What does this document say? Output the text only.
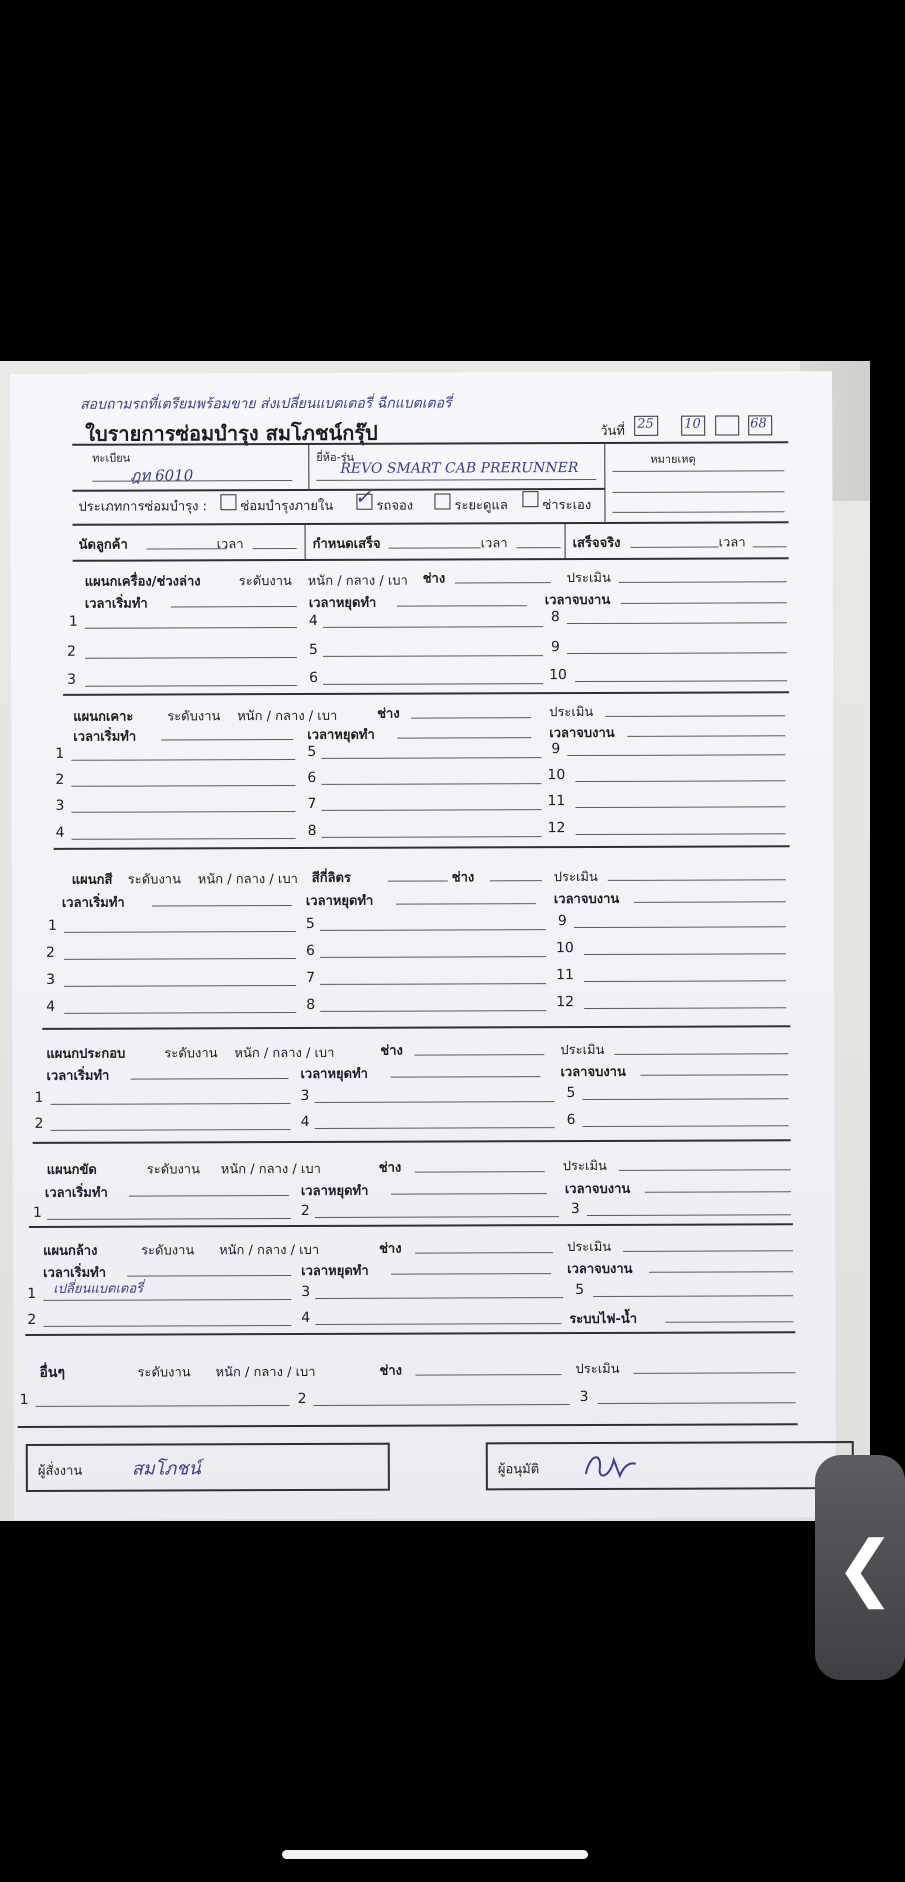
สอบถามรถที่เตรียมพร้อมขาย ส่งเปลี่ยนแบตเตอรี่ ฉีกแบตเตอรี่
ใบรายการซ่อมบำรุง สมโภชน์กรุ๊ป	วันที่ 25 10	68
ทะเบียน
ฎท 6010
ยี่ห้อ-รุ่น
REVO SMART CAB PRERUNNER
หมายเหตุ
ประเภทการซ่อมบำรุง :	ซ่อมบำรุงภายใน ✓ รถจอง	ระยะดูแล	ซ่าระเอง
นัดลูกค้า	เวลา	กำหนดเสร็จ	เวลา	เสร็จจริง	เวลา
แผนกเครื่อง/ช่วงล่าง	ระดับงาน หนัก / กลาง / เบา ช่าง	ประเมิน
เวลาเริ่มทำ	เวลาหยุดทำ	เวลาจบงาน
1	4	8
2	5	9
3	6	10
แผนกเคาะ	ระดับงาน หนัก / กลาง / เบา	ช่าง	ประเมิน
เวลาเริ่มทำ	เวลาหยุดทำ	เวลาจบงาน
1	5	9
2	6	10
3	7	11
4	8	12
แผนกสี ระดับงาน หนัก / กลาง / เบา สีกี่ลิตร	ช่าง	ประเมิน
เวลาเริ่มทำ	เวลาหยุดทำ	เวลาจบงาน
1	5	9
2	6	10
3	7	11
4	8	12
แผนกประกอบ	ระดับงาน หนัก / กลาง / เบา	ช่าง	ประเมิน
เวลาเริ่มทำ	เวลาหยุดทำ	เวลาจบงาน
1	3	5
2	4	6
แผนกขัด	ระดับงาน หนัก / กลาง / เบา	ช่าง	ประเมิน
เวลาเริ่มทำ	เวลาหยุดทำ	เวลาจบงาน
1	2	3
แผนกล้าง	ระดับงาน หนัก / กลาง / เบา	ช่าง	ประเมิน
เวลาเริ่มทำ	เวลาหยุดทำ	เวลาจบงาน
1 เปลี่ยนแบตเตอรี่	3	5
2	4	ระบบไฟ-น้ำ
อื่นๆ	ระดับงาน หนัก / กลาง / เบา	ช่าง	ประเมิน
1	2	3
ผู้สั่งงาน	สมโภชน์	ผู้อนุมัติ
❮
